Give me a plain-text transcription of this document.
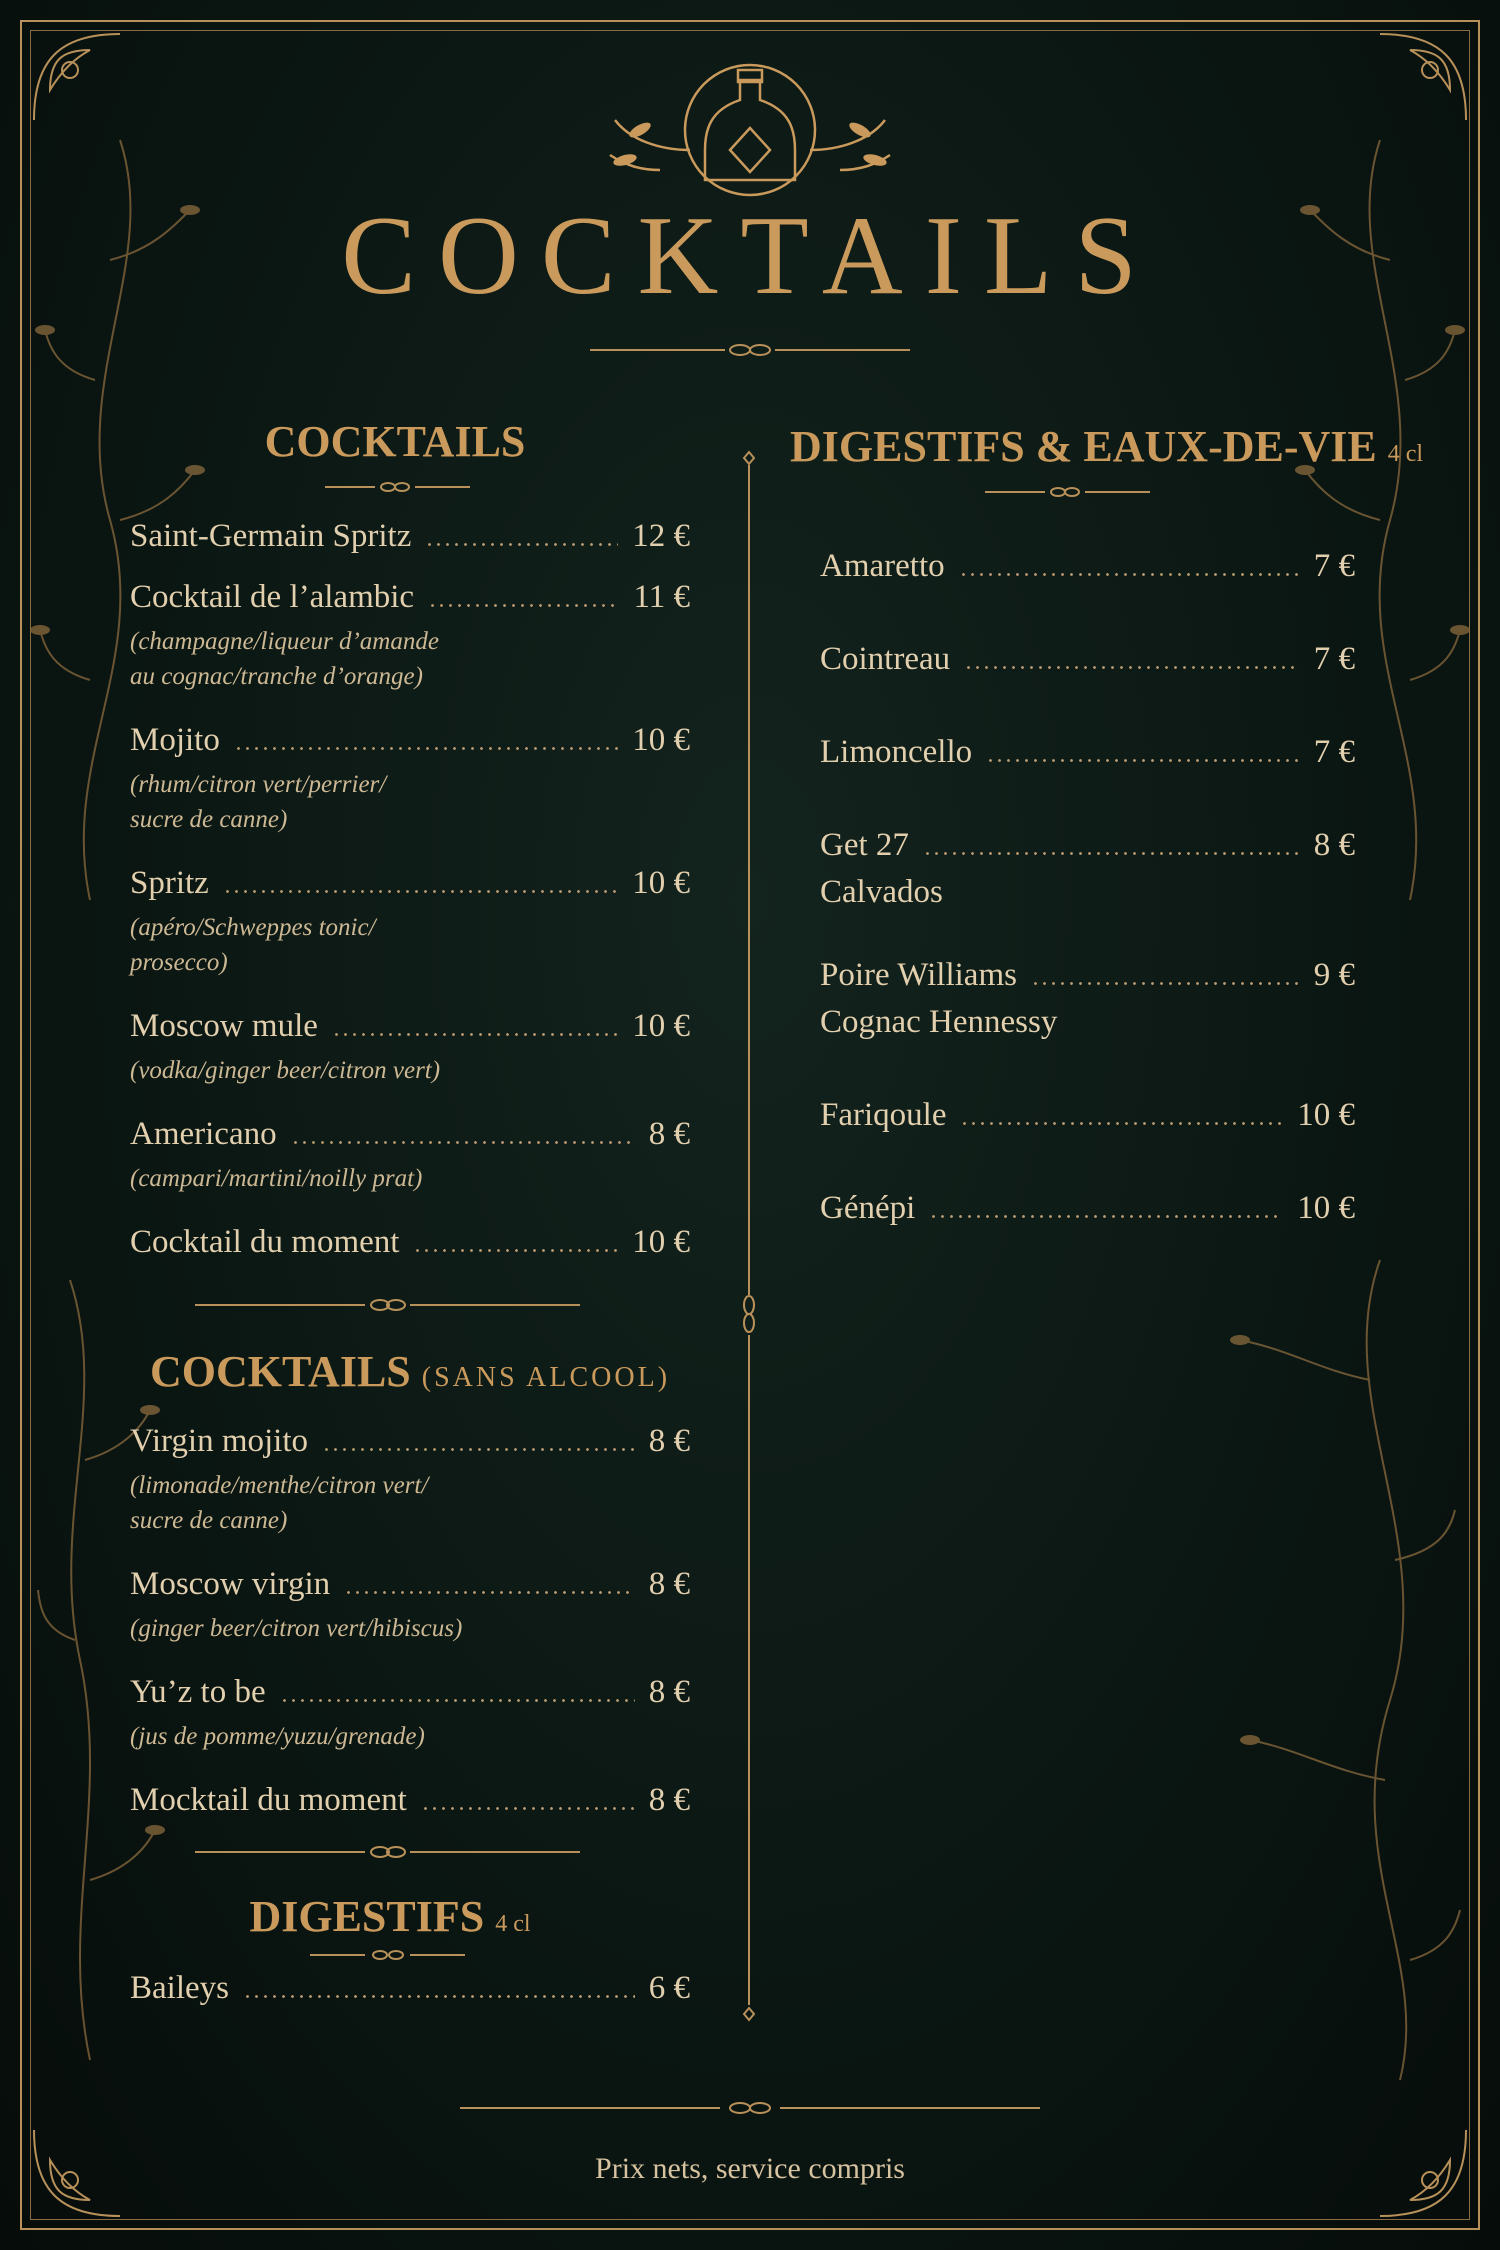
COCKTAILS
COCKTAILS
Saint-Germain Spritz	12 €
Cocktail de l’alambic	11 €
(champagne/liqueur d’amande
au cognac/tranche d’orange)
Mojito	10 €
(rhum/citron vert/perrier/
sucre de canne)
Spritz	10 €
(apéro/Schweppes tonic/
prosecco)
Moscow mule	10 €
(vodka/ginger beer/citron vert)
Americano	8 €
(campari/martini/noilly prat)
Cocktail du moment	10 €
COCKTAILS (SANS ALCOOL)
Virgin mojito	8 €
(limonade/menthe/citron vert/
sucre de canne)
Moscow virgin	8 €
(ginger beer/citron vert/hibiscus)
Yu’z to be	8 €
(jus de pomme/yuzu/grenade)
Mocktail du moment	8 €
DIGESTIFS 4 cl
Baileys	6 €
DIGESTIFS & EAUX-DE-VIE 4 cl
Amaretto	7 €
Cointreau	7 €
Limoncello	7 €
Get 27	8 €
Calvados
Poire Williams	9 €
Cognac Hennessy
Fariqoule	10 €
Génépi	10 €
Prix nets, service compris
